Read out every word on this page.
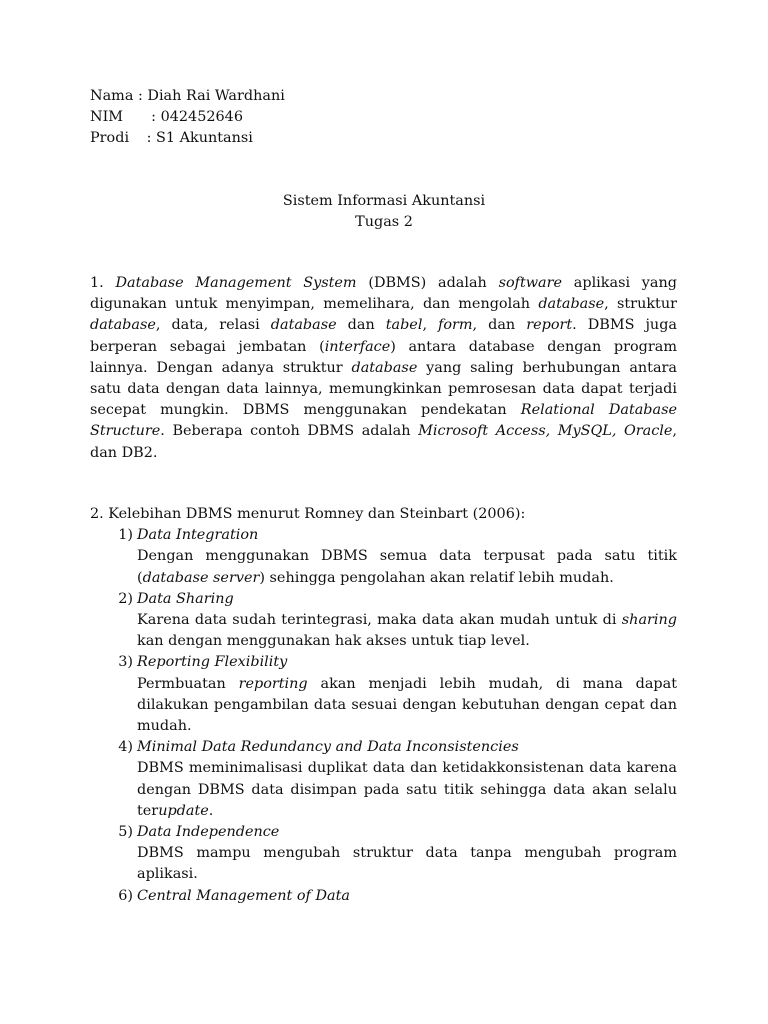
Nama : Diah Rai Wardhani
NIM	: 042452646
Prodi : S1 Akuntansi
Sistem Informasi Akuntansi
Tugas 2
1. Database Management System (DBMS) adalah software aplikasi yang digunakan untuk menyimpan, memelihara, dan mengolah database, struktur database, data, relasi database dan tabel, form, dan report. DBMS juga berperan sebagai jembatan (interface) antara database dengan program lainnya. Dengan adanya struktur database yang saling berhubungan antara satu data dengan data lainnya, memungkinkan pemrosesan data dapat terjadi secepat mungkin. DBMS menggunakan pendekatan Relational Database Structure. Beberapa contoh DBMS adalah Microsoft Access, MySQL, Oracle, dan DB2.
2. Kelebihan DBMS menurut Romney dan Steinbart (2006):
1) Data Integration
Dengan menggunakan DBMS semua data terpusat pada satu titik (database server) sehingga pengolahan akan relatif lebih mudah.
2) Data Sharing
Karena data sudah terintegrasi, maka data akan mudah untuk di sharing kan dengan menggunakan hak akses untuk tiap level.
3) Reporting Flexibility
Permbuatan reporting akan menjadi lebih mudah, di mana dapat dilakukan pengambilan data sesuai dengan kebutuhan dengan cepat dan mudah.
4) Minimal Data Redundancy and Data Inconsistencies
DBMS meminimalisasi duplikat data dan ketidakkonsistenan data karena dengan DBMS data disimpan pada satu titik sehingga data akan selalu terupdate.
5) Data Independence
DBMS mampu mengubah struktur data tanpa mengubah program aplikasi.
6) Central Management of Data
